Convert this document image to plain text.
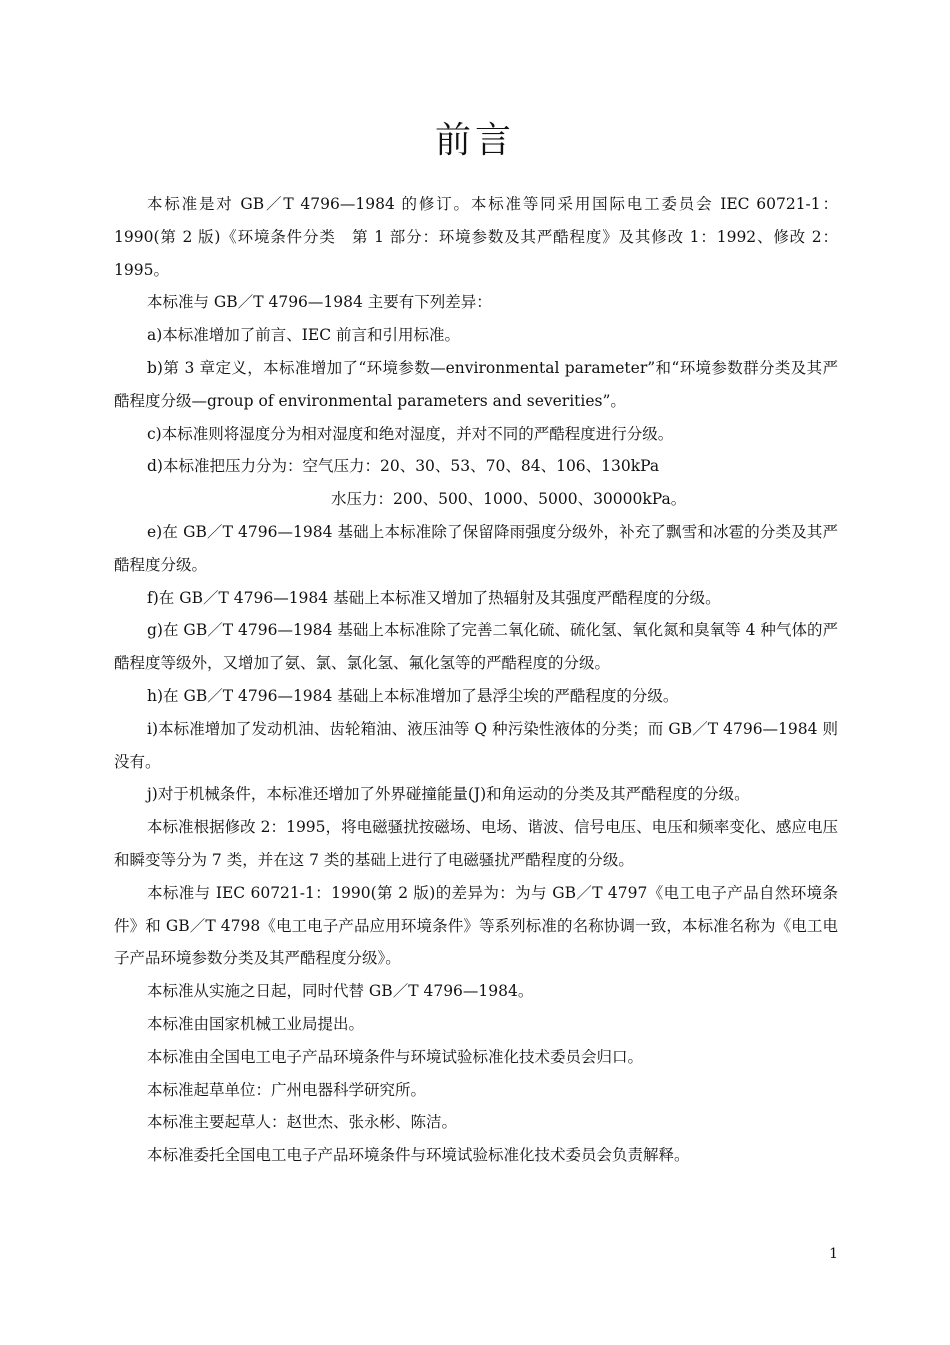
前言

本标准是对 GB／T 4796—1984 的修订。本标准等同采用国际电工委员会 IEC 60721-1：1990(第 2 版)《环境条件分类　第 1 部分：环境参数及其严酷程度》及其修改 1：1992、修改 2：1995。

本标准与 GB／T 4796—1984 主要有下列差异：

a)本标准增加了前言、IEC 前言和引用标准。

b)第 3 章定义，本标准增加了“环境参数—environmental parameter”和“环境参数群分类及其严酷程度分级—group of environmental parameters and severities”。

c)本标准则将湿度分为相对湿度和绝对湿度，并对不同的严酷程度进行分级。

d)本标准把压力分为：空气压力：20、30、53、70、84、106、130kPa

水压力：200、500、1000、5000、30000kPa。

e)在 GB／T 4796—1984 基础上本标准除了保留降雨强度分级外，补充了飘雪和冰雹的分类及其严酷程度分级。

f)在 GB／T 4796—1984 基础上本标准又增加了热辐射及其强度严酷程度的分级。

g)在 GB／T 4796—1984 基础上本标准除了完善二氧化硫、硫化氢、氧化氮和臭氧等 4 种气体的严酷程度等级外，又增加了氨、氯、氯化氢、氟化氢等的严酷程度的分级。

h)在 GB／T 4796—1984 基础上本标准增加了悬浮尘埃的严酷程度的分级。

i)本标准增加了发动机油、齿轮箱油、液压油等 Q 种污染性液体的分类；而 GB／T 4796—1984 则没有。

j)对于机械条件，本标准还增加了外界碰撞能量(J)和角运动的分类及其严酷程度的分级。

本标准根据修改 2：1995，将电磁骚扰按磁场、电场、谐波、信号电压、电压和频率变化、感应电压和瞬变等分为 7 类，并在这 7 类的基础上进行了电磁骚扰严酷程度的分级。

本标准与 IEC 60721-1：1990(第 2 版)的差异为：为与 GB／T 4797《电工电子产品自然环境条件》和 GB／T 4798《电工电子产品应用环境条件》等系列标准的名称协调一致，本标准名称为《电工电子产品环境参数分类及其严酷程度分级》。

本标准从实施之日起，同时代替 GB／T 4796—1984。

本标准由国家机械工业局提出。

本标准由全国电工电子产品环境条件与环境试验标准化技术委员会归口。

本标准起草单位：广州电器科学研究所。

本标准主要起草人：赵世杰、张永彬、陈洁。

本标准委托全国电工电子产品环境条件与环境试验标准化技术委员会负责解释。

1
